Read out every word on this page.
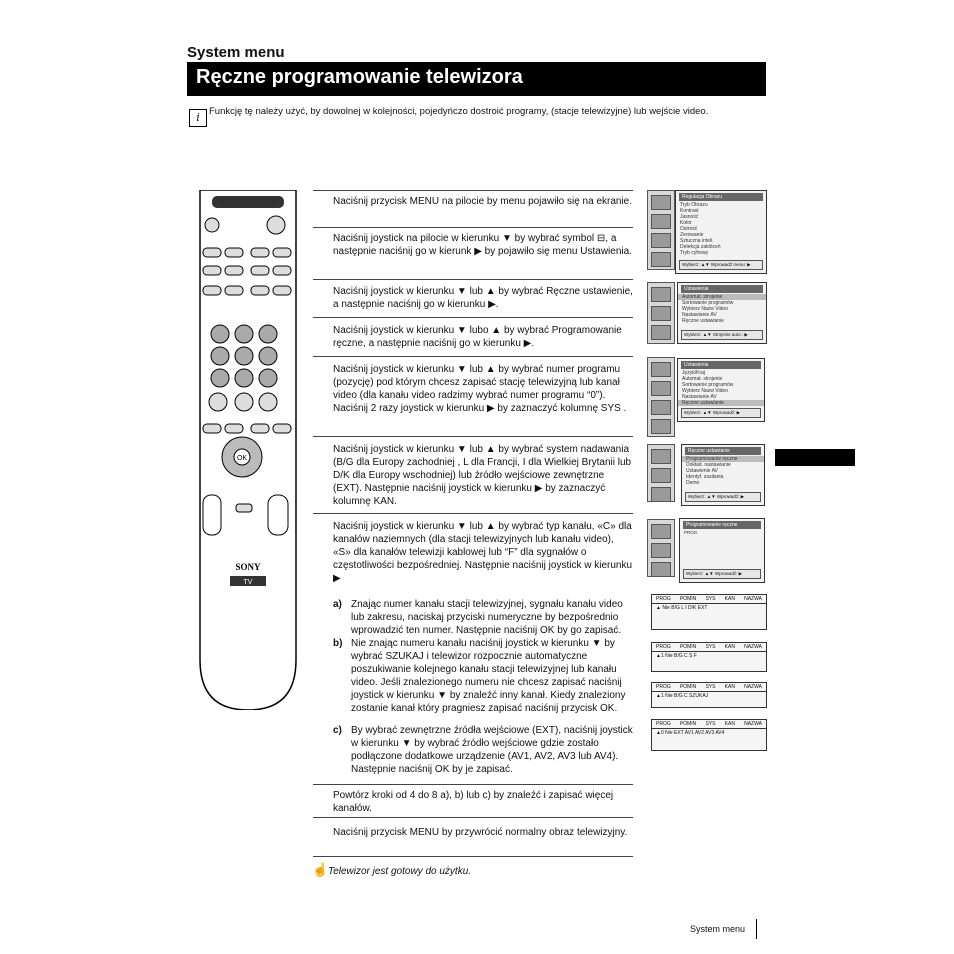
System menu
Ręczne programowanie telewizora
i Funkcję tę należy użyć, by dowolnej w kolejności, pojedyńczo dostroić programy, (stacje telewizyjne) lub wejście video.
OK
SONY
TV
Naciśnij przycisk MENU na pilocie by menu pojawiło się na ekranie.
Naciśnij joystick na pilocie w kierunku ▼ by wybrać symbol ⊟, a następnie naciśnij go w kierunk ▶ by pojawiło się menu Ustawienia.
Naciśnij joystick w kierunku ▼ lub ▲ by wybrać Ręczne ustawienie, a następnie naciśnij go w kierunku ▶.
Naciśnij joystick w kierunku ▼ lubo ▲ by wybrać Programowanie ręczne, a następnie naciśnij go w kierunku ▶.
Naciśnij joystick w kierunku ▼ lub ▲ by wybrać numer programu (pozycję) pod którym chcesz zapisać stację telewizyjną lub kanał video (dla kanału video radzimy wybrać numer programu “0”). Naciśnij 2 razy joystick w kierunku ▶ by zaznaczyć kolumnę SYS .
Naciśnij joystick w kierunku ▼ lub ▲ by wybrać system nadawania (B/G dla Europy zachodniej , L dla Francji, I dla Wielkiej Brytanii lub D/K dla Europy wschodniej) lub źródło wejściowe zewnętrzne (EXT). Następnie naciśnij joystick w kierunku ▶ by zaznaczyć kolumnę KAN.
Naciśnij joystick w kierunku ▼ lub ▲ by wybrać typ kanału, «C» dla kanałów naziemnych (dla stacji telewizyjnych lub kanału video), «S» dla kanałów telewizji kablowej lub “F” dla sygnałów o częstotliwości bezpośredniej. Następnie naciśnij joystick w kierunku ▶
a) Znając numer kanału stacji telewizyjnej, sygnału kanału video lub zakresu, naciskaj przyciski numeryczne by bezpośrednio wprowadzić ten numer. Następnie naciśnij OK by go zapisać.
b) Nie znając numeru kanału naciśnij joystick w kierunku ▼ by wybrać SZUKAJ i telewizor rozpocznie automatyczne poszukiwanie kolejnego kanału stacji telewizyjnej lub kanału video. Jeśli znalezionego numeru nie chcesz zapisać naciśnij joystick w kierunku ▼ by znaleźć inny kanał. Kiedy znaleziony zostanie kanał który pragniesz zapisać naciśnij przycisk OK.
c) By wybrać zewnętrzne źródła wejściowe (EXT), naciśnij joystick w kierunku ▼ by wybrać źródło wejściowe gdzie zostało podłączone dodatkowe urządzenie (AV1, AV2, AV3 lub AV4). Następnie naciśnij OK by je zapisać.
Powtórz kroki od 4 do 8 a), b) lub c) by znaleźć i zapisać więcej kanałów.
Naciśnij przycisk MENU by przywrócić normalny obraz telewizyjny.
☝ Telewizor jest gotowy do użytku.
Regulacja Obrazu
Tryb Obrazu
Kontrast
Jasność
Kolor
Ostrość
Zerowanie
Sztuczna inteli.
Detekcja zakłóceń
Tryb cyfrowy
Wybierz: ▲▼ Wprowadź menu: ▶
Ustawienia
Automat. strojenie
Sortowanie programów
Wybierz Nazw Video
Nastawianie AV
Ręczne ustawianie
Wybierz: ▲▼ Strojenie auto.: ▶
Ustawienia
Język/Kraj
Automat. strojenie
Sortowanie programów
Wybierz Nazw Video
Nastawianie AV
Ręczne ustawianie
Wybierz: ▲▼ Wprowadź: ▶
Ręczne ustawianie
Programowanie ręczne
Dokład. nastawianie
Ustawienie AV
Identyf. zasilania
Demo
Wybierz: ▲▼ Wprowadź: ▶
Programowanie ręczne
PROG
Wybierz: ▲▼ Wprowadź: ▶
PROG POMIN SYS KAN NAZWA
▲ Nie B/G L I D/K EXT
PROG POMIN SYS KAN NAZWA
▲1 Nie B/G C S F
PROG POMIN SYS KAN NAZWA
▲1 Nie B/G C SZUKAJ
PROG POMIN SYS KAN NAZWA
▲0 Nie EXT AV1 AV2 AV3 AV4
System menu
